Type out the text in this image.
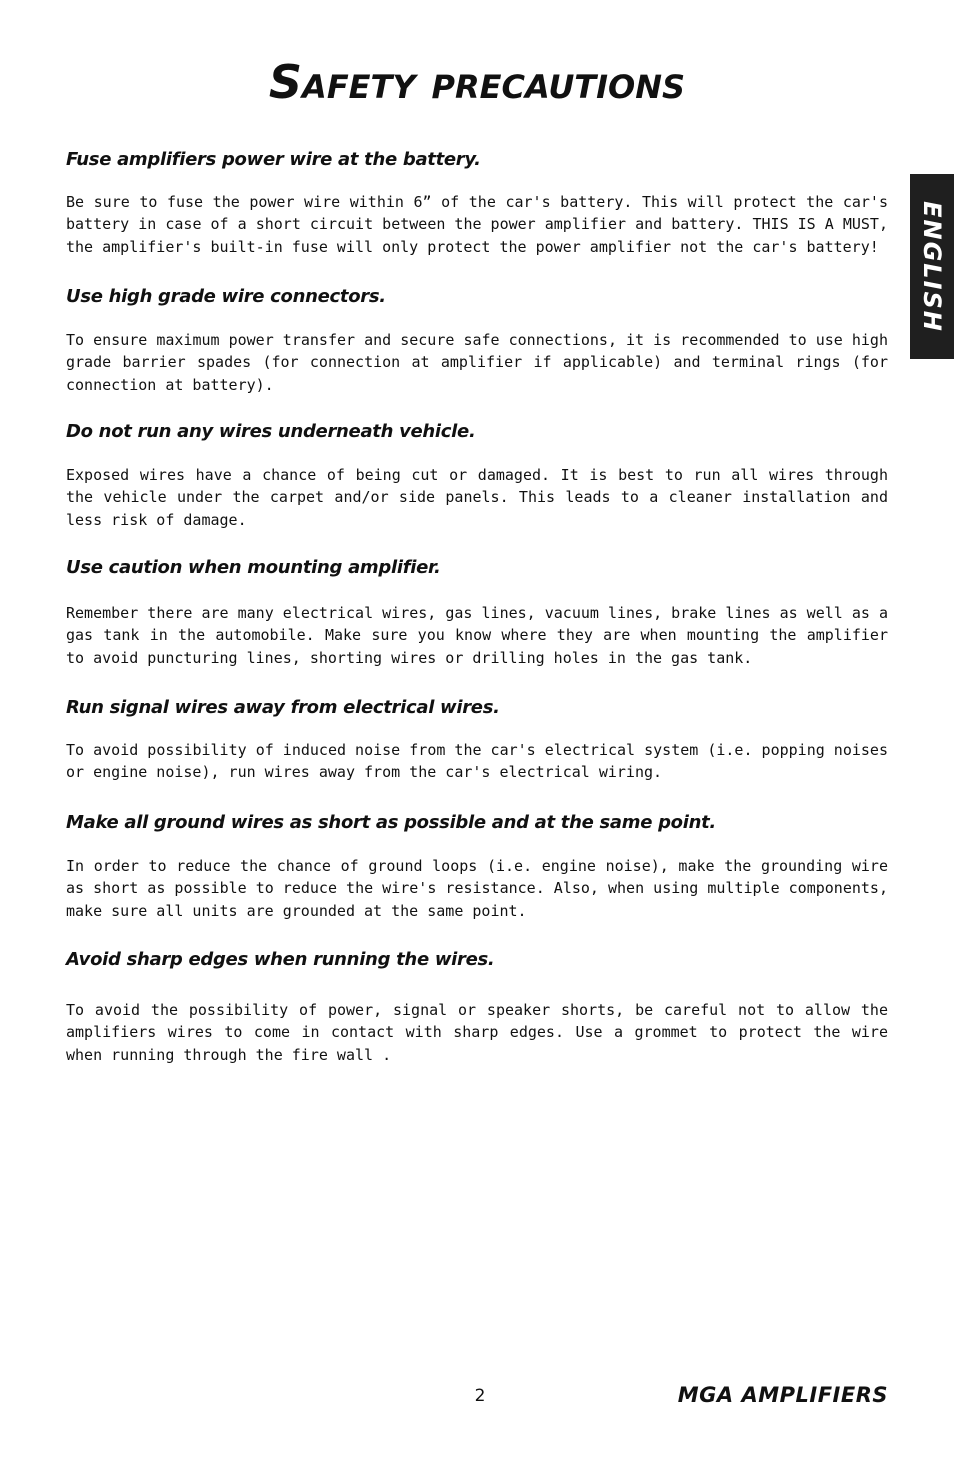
Safety precautions
ENGLISH
Fuse amplifiers power wire at the battery.

Be sure to fuse the power wire within 6” of the car's battery. This will protect the car's battery in case of a short circuit between the power amplifier and battery. THIS IS A MUST, the amplifier's built-in fuse will only protect the power amplifier not the car's battery!

Use high grade wire connectors.

To ensure maximum power transfer and secure safe connections, it is recommended to use high grade barrier spades (for connection at amplifier if applicable) and terminal rings (for connection at battery).

Do not run any wires underneath vehicle.

Exposed wires have a chance of being cut or damaged. It is best to run all wires through the vehicle under the carpet and/or side panels. This leads to a cleaner installation and less risk of damage.

Use caution when mounting amplifier.

Remember there are many electrical wires, gas lines, vacuum lines, brake lines as well as a gas tank in the automobile. Make sure you know where they are when mounting the amplifier to avoid puncturing lines, shorting wires or drilling holes in the gas tank.

Run signal wires away from electrical wires.

To avoid possibility of induced noise from the car's electrical system (i.e. popping noises or engine noise), run wires away from the car's electrical wiring.

Make all ground wires as short as possible and at the same point.

In order to reduce the chance of ground loops (i.e. engine noise), make the grounding wire as short as possible to reduce the wire's resistance. Also, when using multiple components, make sure all units are grounded at the same point.

Avoid sharp edges when running the wires.

To avoid the possibility of power, signal or speaker shorts, be careful not to allow the amplifiers wires to come in contact with sharp edges. Use a grommet to protect the wire when running through the fire wall .

2	MGA AMPLIFIERS
